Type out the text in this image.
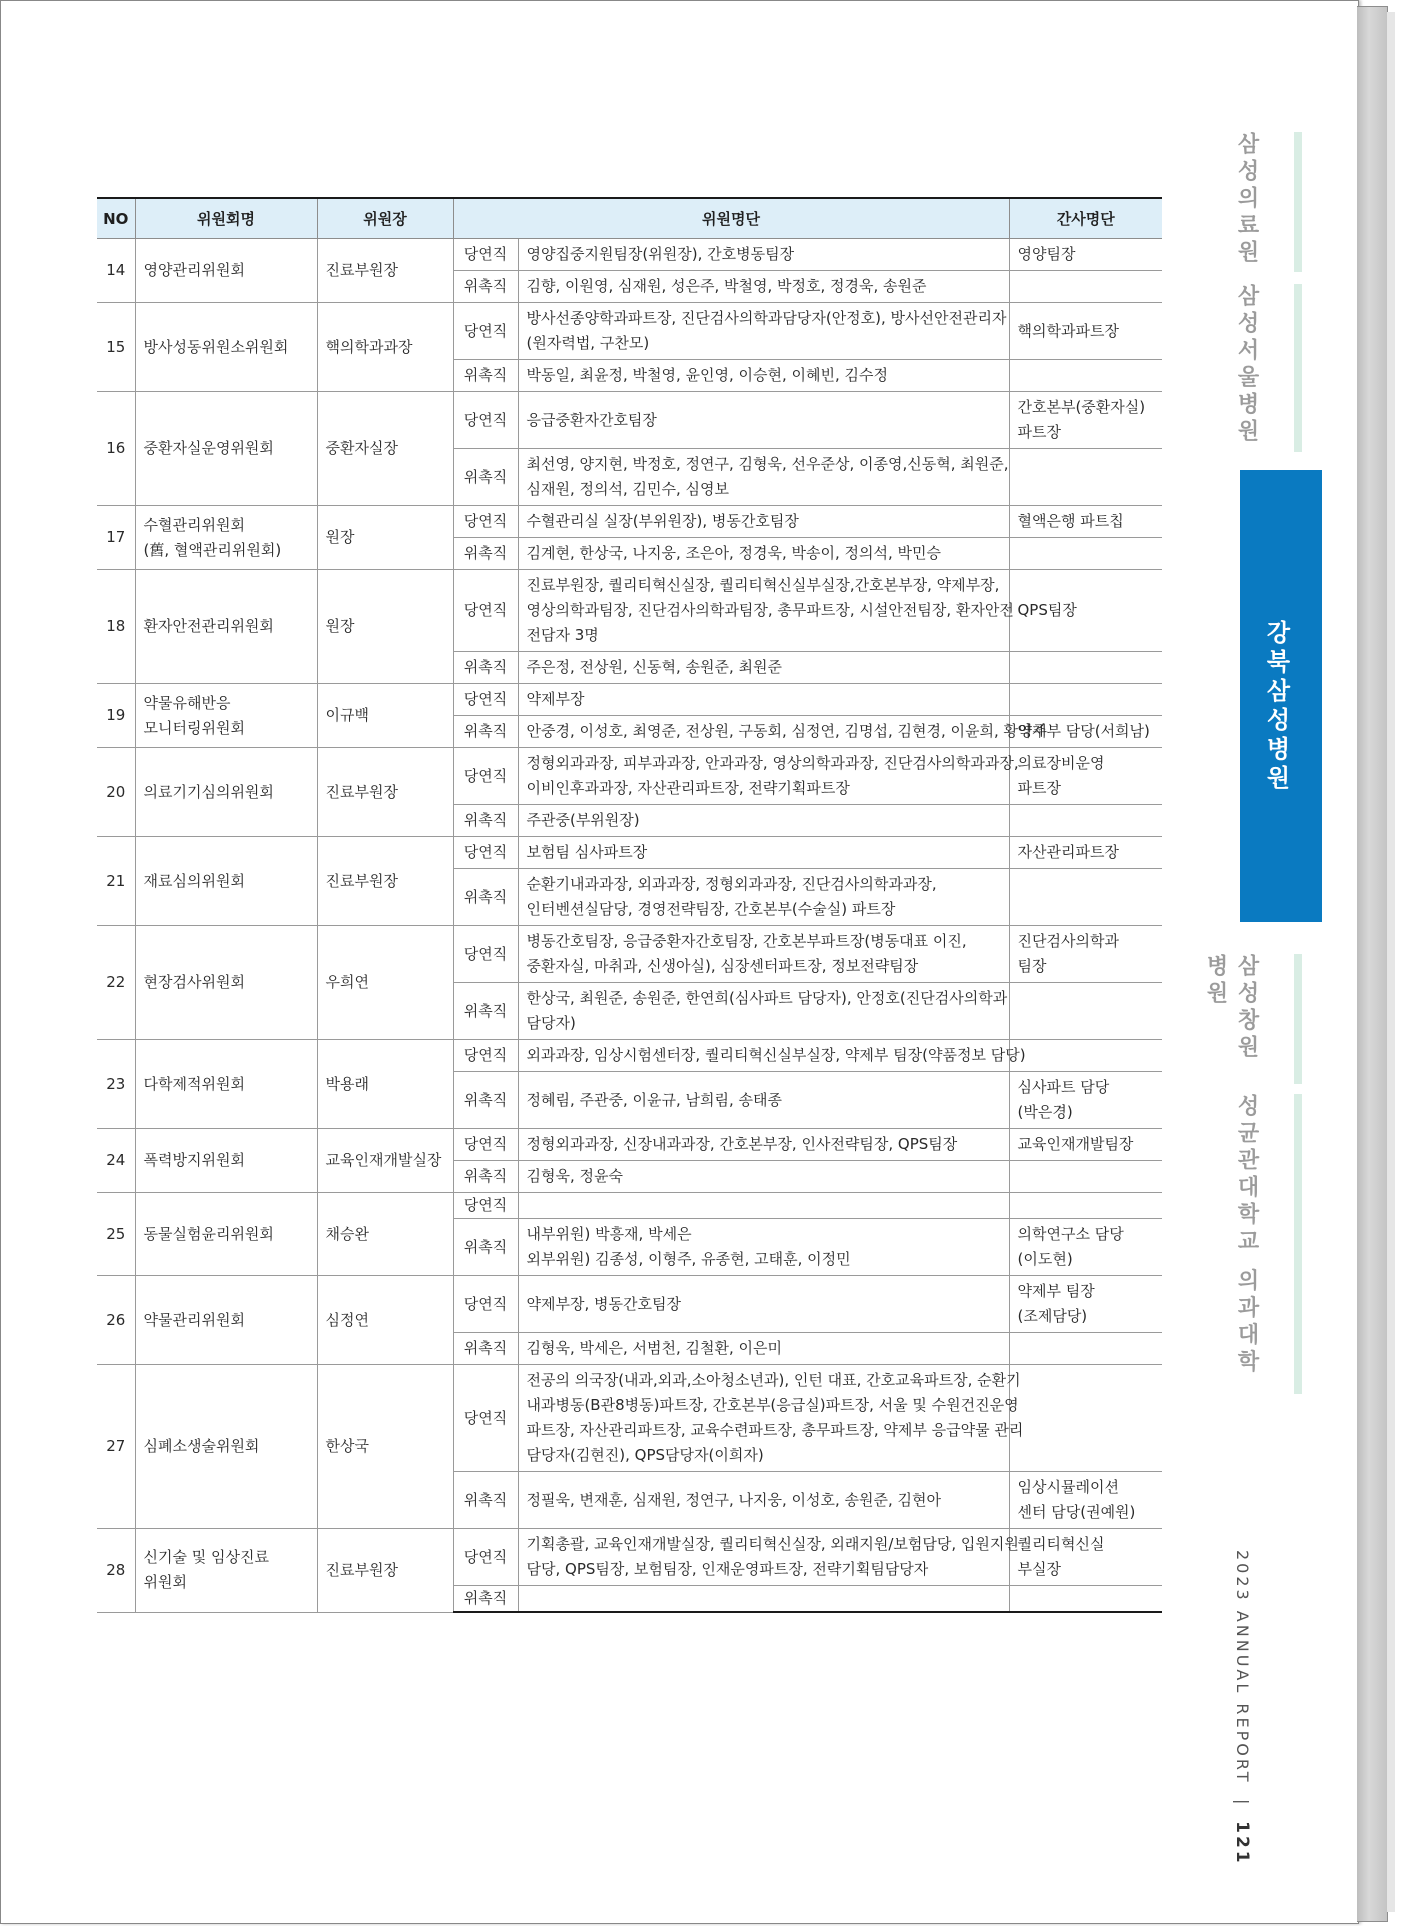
NO	위원회명	위원장	위원명단		간사명단
14	영양관리위원회	진료부원장	당연직	영양집중지원팀장(위원장), 간호병동팀장	영양팀장

			위촉직	김향, 이원영, 심재원, 성은주, 박철영, 박정호, 정경욱, 송원준	

15	방사성동위원소위원회	핵의학과과장	당연직	방사선종양학과파트장, 진단검사의학과담당자(안정호), 방사선안전관리자
(원자력법, 구찬모)	핵의학과파트장

			위촉직	박동일, 최윤정, 박철영, 윤인영, 이승현, 이혜빈, 김수정	

16	중환자실운영위원회	중환자실장	당연직	응급중환자간호팀장	간호본부(중환자실)
파트장

			위촉직	최선영, 양지현, 박정호, 정연구, 김형욱, 선우준상, 이종영,신동혁, 최원준,
심재원, 정의석, 김민수, 심영보	

17	수혈관리위원회
(舊, 혈액관리위원회)	원장	당연직	수혈관리실 실장(부위원장), 병동간호팀장	혈액은행 파트칩

			위촉직	김계현, 한상국, 나지웅, 조은아, 정경욱, 박송이, 정의석, 박민승	

18	환자안전관리위원회	원장	당연직	진료부원장, 퀄리티혁신실장, 퀄리티혁신실부실장,간호본부장, 약제부장,
영상의학과팀장, 진단검사의학과팀장, 총무파트장, 시설안전팀장, 환자안전
전담자 3명	QPS팀장

			위촉직	주은정, 전상원, 신동혁, 송원준, 최원준	

19	약물유해반응
모니터링위원회	이규백	당연직	약제부장	

			위촉직	안중경, 이성호, 최영준, 전상원, 구동회, 심정연, 김명섭, 김현경, 이윤희, 황영주	약제부 담당(서희남)

20	의료기기심의위원회	진료부원장	당연직	정형외과과장, 피부과과장, 안과과장, 영상의학과과장, 진단검사의학과과장,
이비인후과과장, 자산관리파트장, 전략기획파트장	의료장비운영
파트장

			위촉직	주관중(부위원장)	

21	재료심의위원회	진료부원장	당연직	보험팀 심사파트장	자산관리파트장

			위촉직	순환기내과과장, 외과과장, 정형외과과장, 진단검사의학과과장,
인터벤션실담당, 경영전략팀장, 간호본부(수술실) 파트장	

22	현장검사위원회	우희연	당연직	병동간호팀장, 응급중환자간호팀장, 간호본부파트장(병동대표 이진,
중환자실, 마취과, 신생아실), 심장센터파트장, 정보전략팀장	진단검사의학과
팀장

			위촉직	한상국, 최원준, 송원준, 한연희(심사파트 담당자), 안정호(진단검사의학과
담당자)	

23	다학제적위원회	박용래	당연직	외과과장, 임상시험센터장, 퀄리티혁신실부실장, 약제부 팀장(약품정보 담당)	

			위촉직	정혜림, 주관중, 이윤규, 남희림, 송태종	심사파트 담당
(박은경)

24	폭력방지위원회	교육인재개발실장	당연직	정형외과과장, 신장내과과장, 간호본부장, 인사전략팀장, QPS팀장	교육인재개발팀장

			위촉직	김형욱, 정윤숙	

25	동물실험윤리위원회	채승완	당연직		
			위촉직	내부위원) 박흥재, 박세은
외부위원) 김종성, 이형주, 유종현, 고태훈, 이정민	의학연구소 담당
(이도현)

26	약물관리위원회	심정연	당연직	약제부장, 병동간호팀장	약제부 팀장
(조제담당)

			위촉직	김형욱, 박세은, 서범천, 김철환, 이은미	

27	심폐소생술위원회	한상국	당연직	전공의 의국장(내과,외과,소아청소년과), 인턴 대표, 간호교육파트장, 순환기
내과병동(B관8병동)파트장, 간호본부(응급실)파트장, 서울 및 수원건진운영
파트장, 자산관리파트장, 교육수련파트장, 총무파트장, 약제부 응급약물 관리
담당자(김현진), QPS담당자(이희자)	

			위촉직	정필욱, 변재훈, 심재원, 정연구, 나지웅, 이성호, 송원준, 김현아	임상시뮬레이션
센터 담당(권예원)

28	신기술 및 임상진료
위원회	진료부원장	당연직	기획총괄, 교육인재개발실장, 퀄리티혁신실장, 외래지원/보험담당, 입원지원
담당, QPS팀장, 보험팀장, 인재운영파트장, 전략기획팀담당자	퀄리티혁신실
부실장

			위촉직		
삼성의료원
삼성서울병원
강북삼성병원
삼성창원병원
성균관대학교 의과대학
2023 ANNUAL REPORT | 121
